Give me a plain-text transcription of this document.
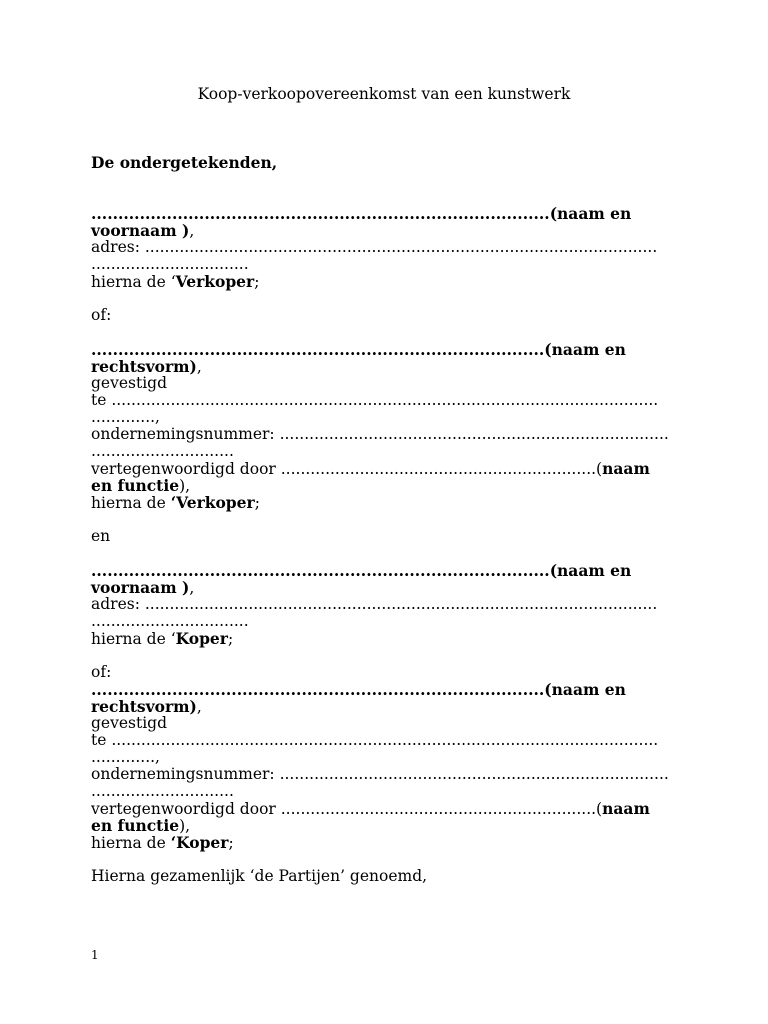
Koop-verkoopovereenkomst van een kunstwerk
De ondergetekenden,
.....................................................................................(naam en
voornaam ),
adres: ........................................................................................................
................................
hierna de ‘Verkoper;
of:
....................................................................................(naam en
rechtsvorm),
gevestigd
te ...............................................................................................................
.............,
ondernemingsnummer: ...............................................................................
.............................
vertegenwoordigd door ................................................................(naam
en functie),
hierna de ‘Verkoper;
en
.....................................................................................(naam en
voornaam ),
adres: ........................................................................................................
................................
hierna de ‘Koper;
of:
....................................................................................(naam en
rechtsvorm),
gevestigd
te ...............................................................................................................
.............,
ondernemingsnummer: ...............................................................................
.............................
vertegenwoordigd door ................................................................(naam
en functie),
hierna de ‘Koper;
Hierna gezamenlijk ‘de Partijen’ genoemd,
1
